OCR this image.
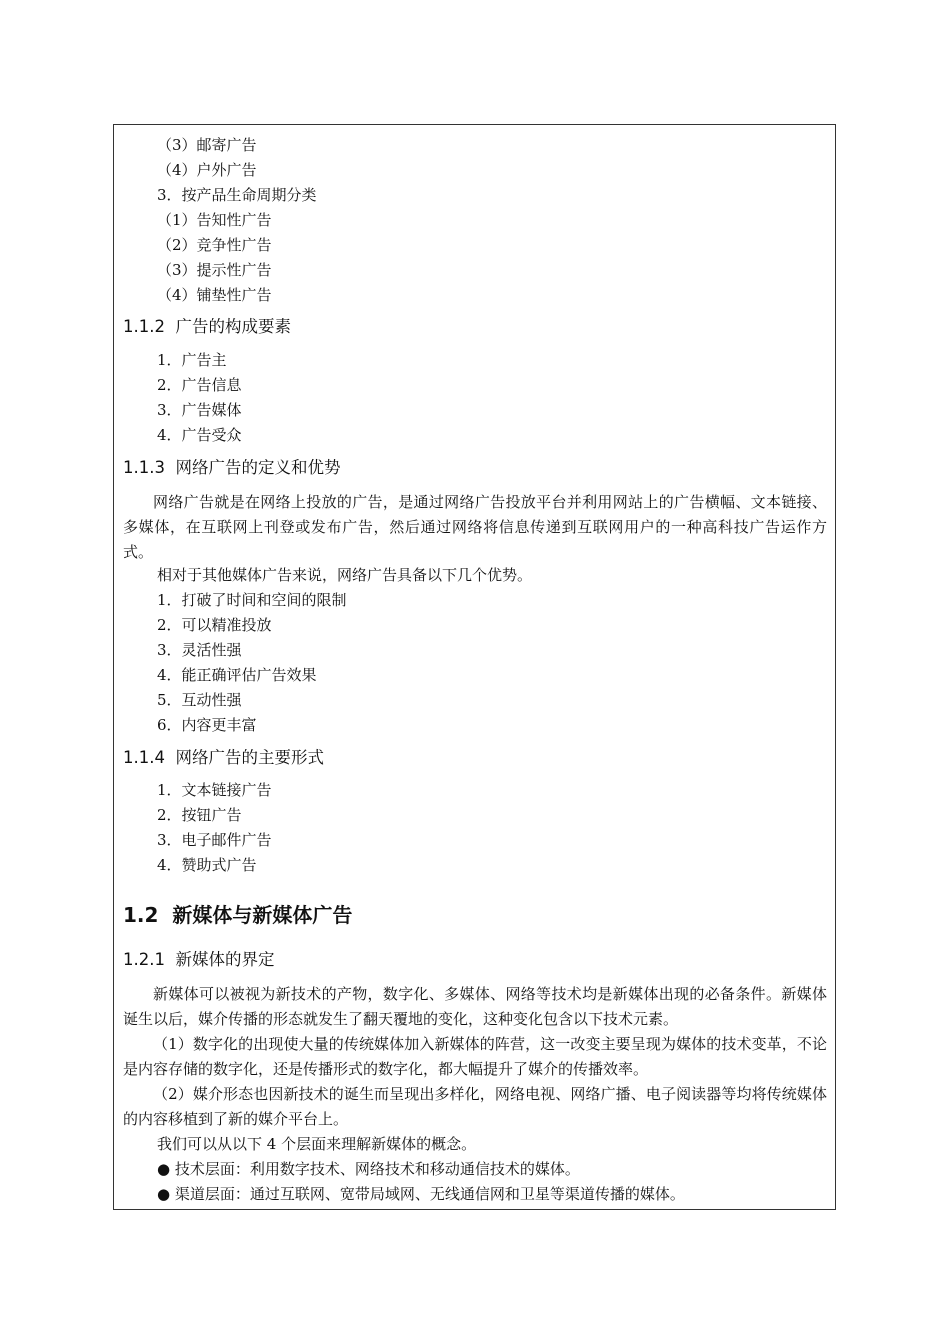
（3）邮寄广告
（4）户外广告
3．按产品生命周期分类
（1）告知性广告
（2）竞争性广告
（3）提示性广告
（4）铺垫性广告
1.1.2 广告的构成要素
1．广告主
2．广告信息
3．广告媒体
4．广告受众
1.1.3 网络广告的定义和优势
网络广告就是在网络上投放的广告，是通过网络广告投放平台并利用网站上的广告横幅、文本链接、多媒体，在互联网上刊登或发布广告，然后通过网络将信息传递到互联网用户的一种高科技广告运作方式。
相对于其他媒体广告来说，网络广告具备以下几个优势。
1．打破了时间和空间的限制
2．可以精准投放
3．灵活性强
4．能正确评估广告效果
5．互动性强
6．内容更丰富
1.1.4 网络广告的主要形式
1．文本链接广告
2．按钮广告
3．电子邮件广告
4．赞助式广告
1.2 新媒体与新媒体广告
1.2.1 新媒体的界定
新媒体可以被视为新技术的产物，数字化、多媒体、网络等技术均是新媒体出现的必备条件。新媒体诞生以后，媒介传播的形态就发生了翻天覆地的变化，这种变化包含以下技术元素。
（1）数字化的出现使大量的传统媒体加入新媒体的阵营，这一改变主要呈现为媒体的技术变革，不论是内容存储的数字化，还是传播形式的数字化，都大幅提升了媒介的传播效率。
（2）媒介形态也因新技术的诞生而呈现出多样化，网络电视、网络广播、电子阅读器等均将传统媒体的内容移植到了新的媒介平台上。
我们可以从以下 4 个层面来理解新媒体的概念。
● 技术层面：利用数字技术、网络技术和移动通信技术的媒体。
● 渠道层面：通过互联网、宽带局域网、无线通信网和卫星等渠道传播的媒体。
